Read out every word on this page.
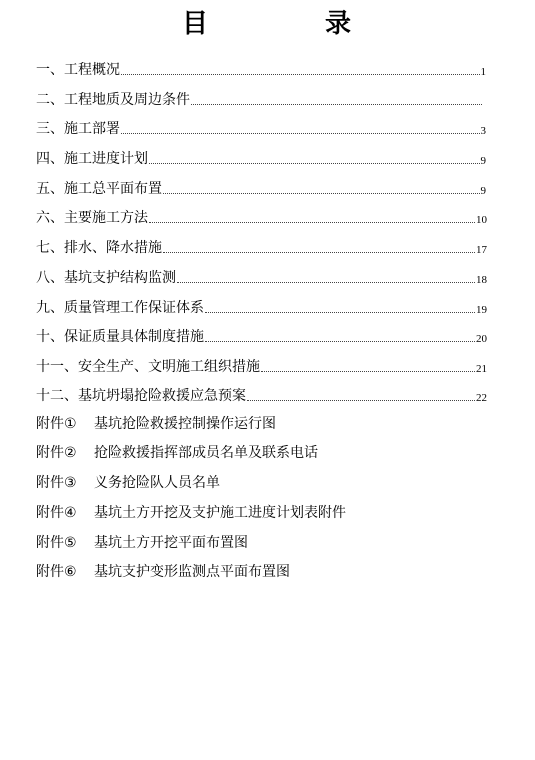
目 录
一、工程概况	1
二、工程地质及周边条件
三、施工部署	3
四、施工进度计划	9
五、施工总平面布置	9
六、主要施工方法	10
七、排水、降水措施	17
八、基坑支护结构监测	18
九、质量管理工作保证体系	19
十、保证质量具体制度措施	20
十一、安全生产、文明施工组织措施	21
十二、基坑坍塌抢险救援应急预案	22
附件① 基坑抢险救援控制操作运行图
附件② 抢险救援指挥部成员名单及联系电话
附件③ 义务抢险队人员名单
附件④ 基坑土方开挖及支护施工进度计划表附件
附件⑤ 基坑土方开挖平面布置图
附件⑥ 基坑支护变形监测点平面布置图
